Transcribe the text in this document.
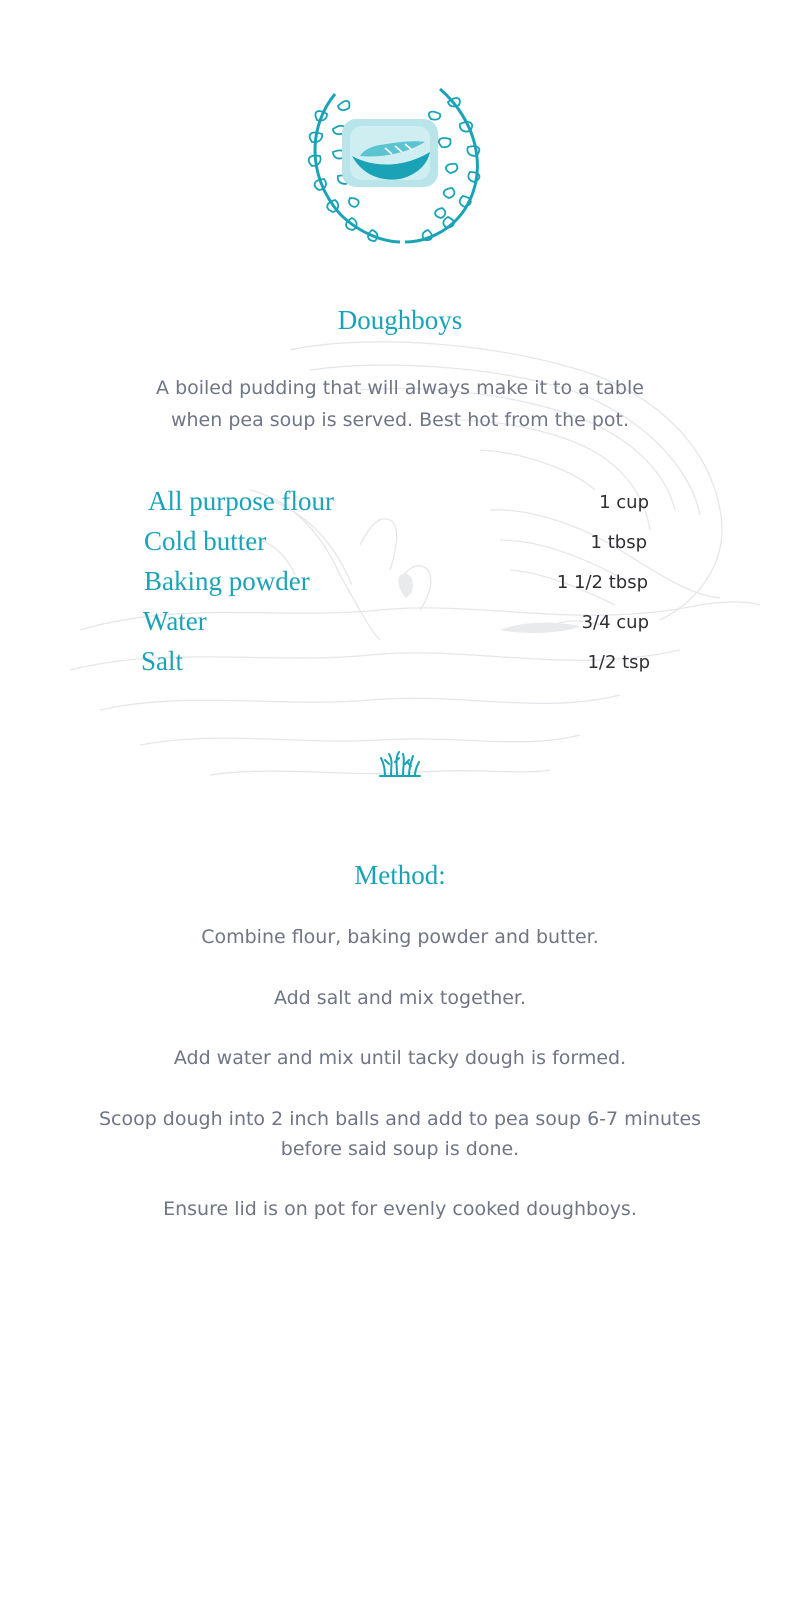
Doughboys
A boiled pudding that will always make it to a table when pea soup is served. Best hot from the pot.
All purpose flour	1 cup
Cold butter	1 tbsp
Baking powder	1 1/2 tbsp
Water	3/4 cup
Salt	1/2 tsp
Method:
Combine flour, baking powder and butter.
Add salt and mix together.
Add water and mix until tacky dough is formed.
Scoop dough into 2 inch balls and add to pea soup 6-7 minutes before said soup is done.
Ensure lid is on pot for evenly cooked doughboys.
